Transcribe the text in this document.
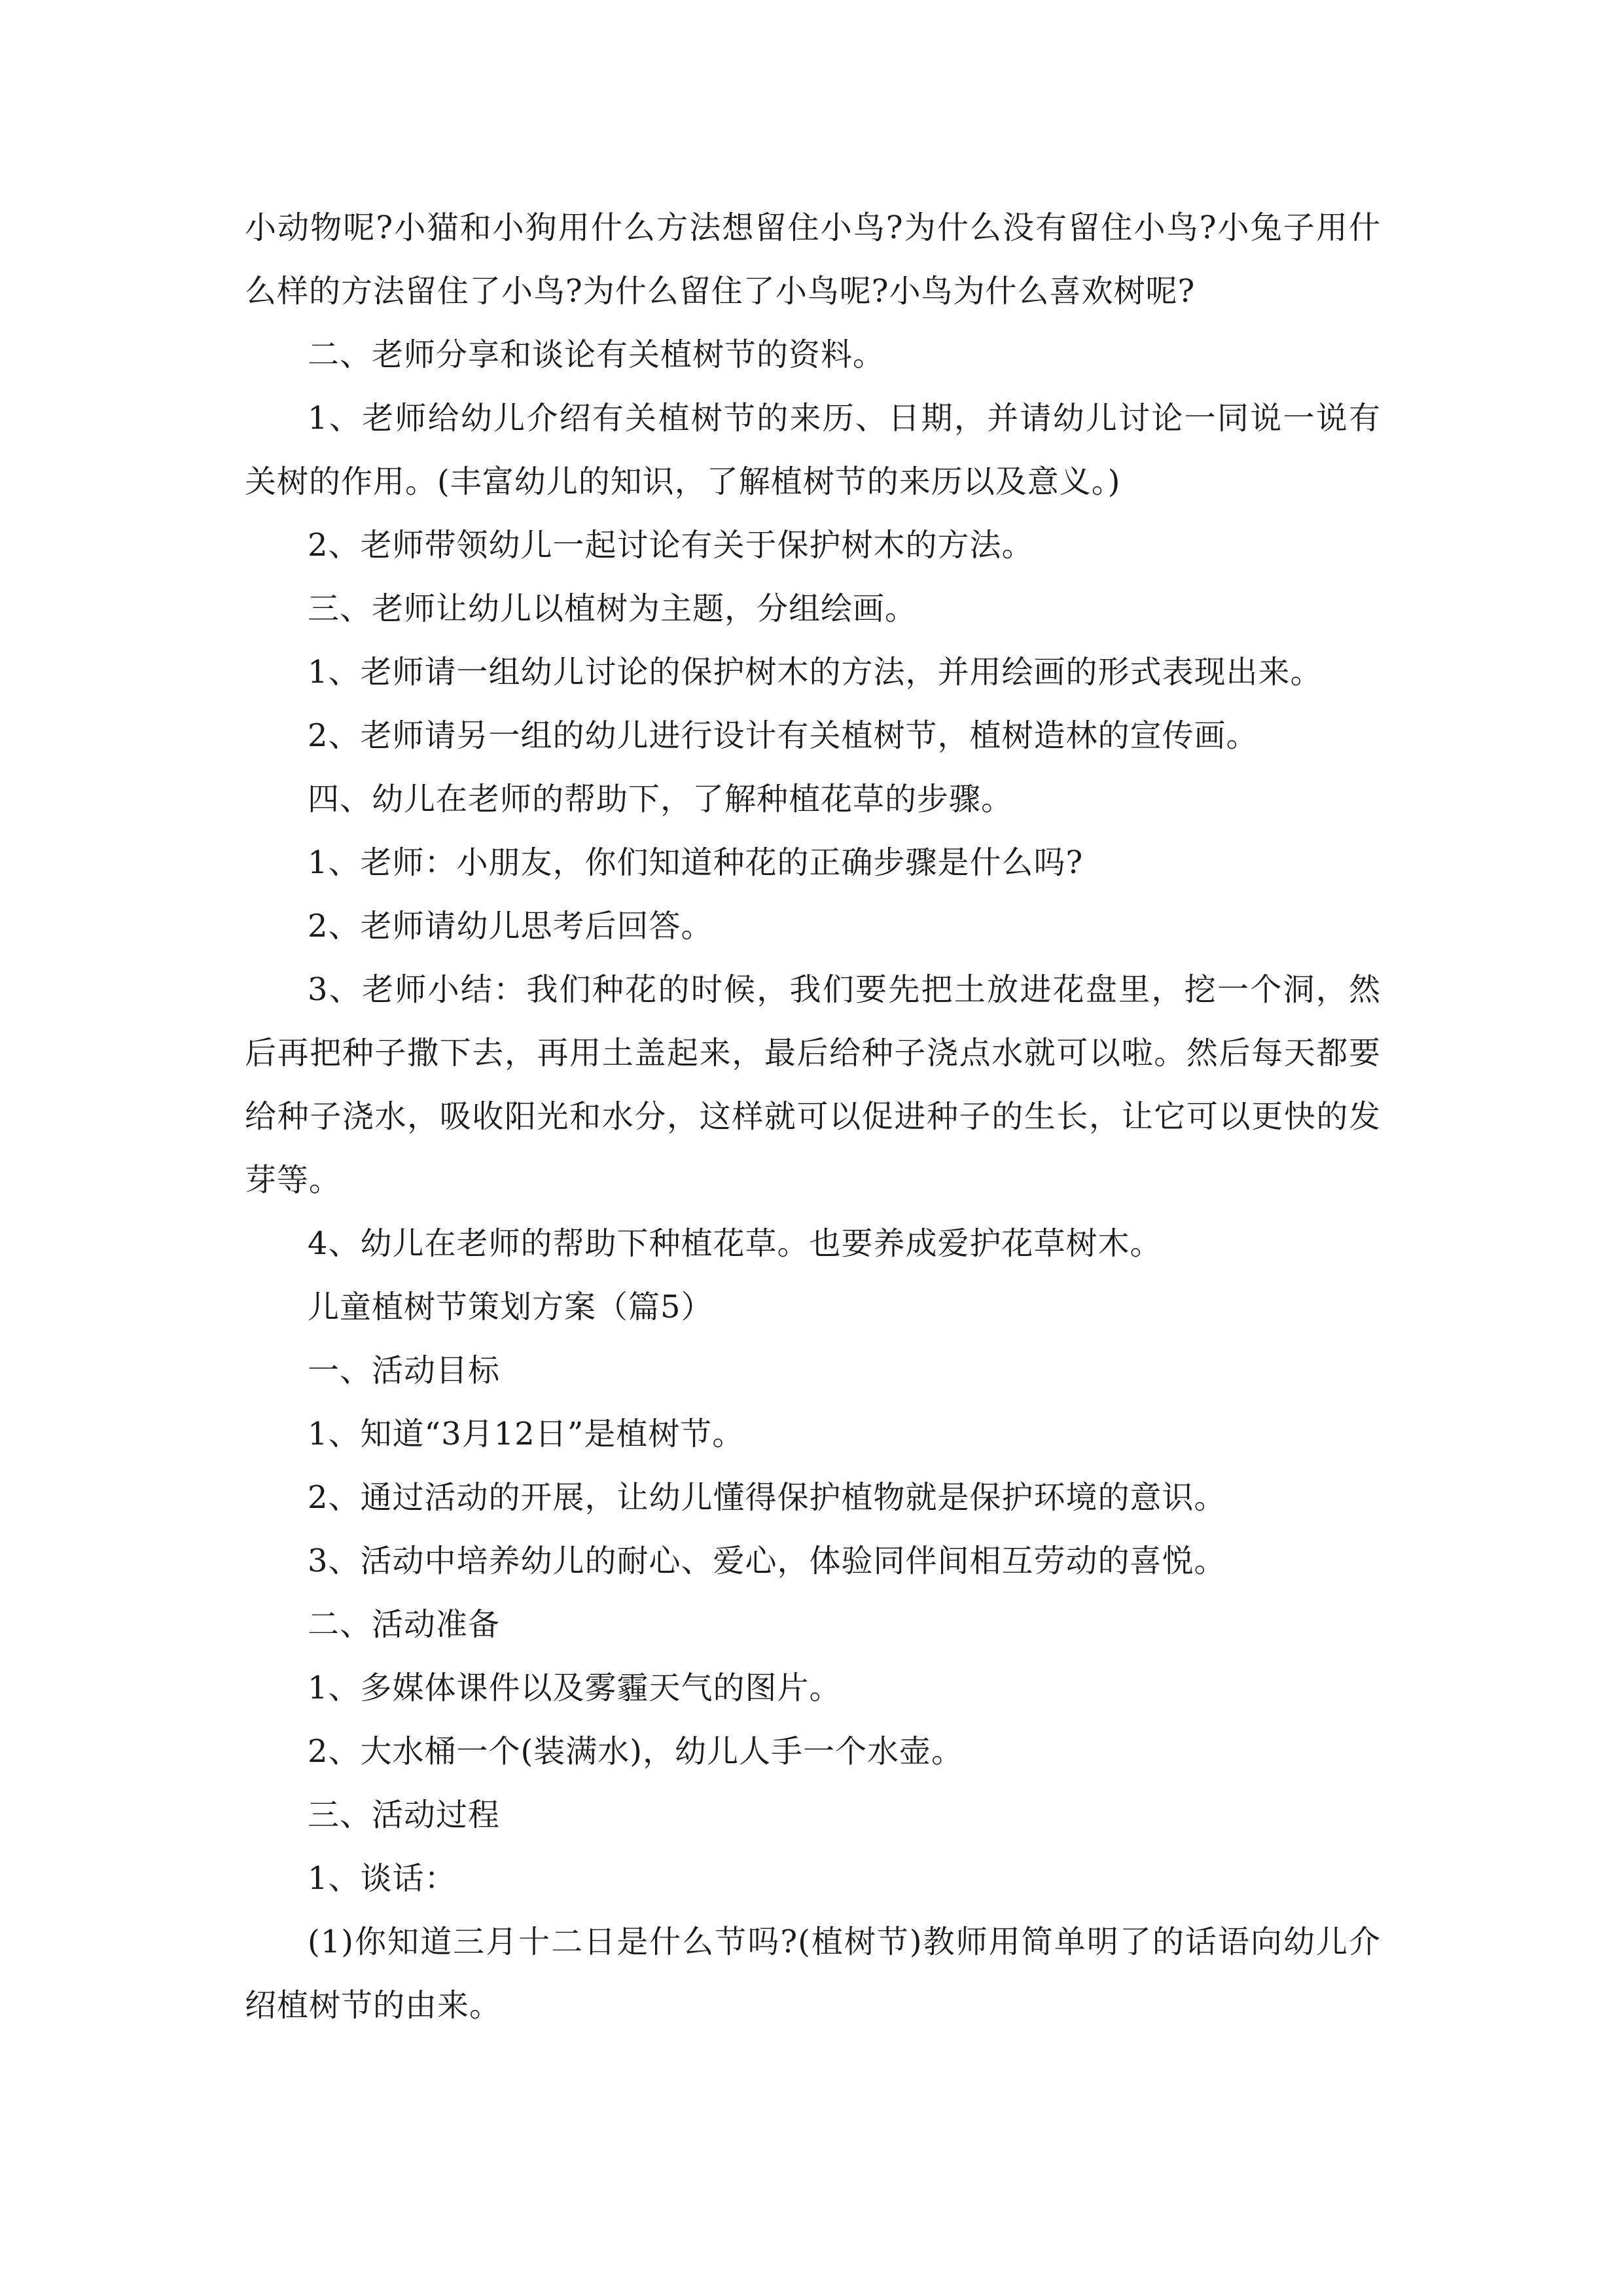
小动物呢?小猫和小狗用什么方法想留住小鸟?为什么没有留住小鸟?小兔子用什么样的方法留住了小鸟?为什么留住了小鸟呢?小鸟为什么喜欢树呢?

二、老师分享和谈论有关植树节的资料。

1、老师给幼儿介绍有关植树节的来历、日期，并请幼儿讨论一同说一说有关树的作用。(丰富幼儿的知识，了解植树节的来历以及意义。)

2、老师带领幼儿一起讨论有关于保护树木的方法。

三、老师让幼儿以植树为主题，分组绘画。

1、老师请一组幼儿讨论的保护树木的方法，并用绘画的形式表现出来。

2、老师请另一组的幼儿进行设计有关植树节，植树造林的宣传画。

四、幼儿在老师的帮助下，了解种植花草的步骤。

1、老师：小朋友，你们知道种花的正确步骤是什么吗?

2、老师请幼儿思考后回答。

3、老师小结：我们种花的时候，我们要先把土放进花盘里，挖一个洞，然后再把种子撒下去，再用土盖起来，最后给种子浇点水就可以啦。然后每天都要给种子浇水，吸收阳光和水分，这样就可以促进种子的生长，让它可以更快的发芽等。

4、幼儿在老师的帮助下种植花草。也要养成爱护花草树木。

儿童植树节策划方案（篇5）

一、活动目标

1、知道“3月12日”是植树节。

2、通过活动的开展，让幼儿懂得保护植物就是保护环境的意识。

3、活动中培养幼儿的耐心、爱心，体验同伴间相互劳动的喜悦。

二、活动准备

1、多媒体课件以及雾霾天气的图片。

2、大水桶一个(装满水)，幼儿人手一个水壶。

三、活动过程

1、谈话：

(1)你知道三月十二日是什么节吗?(植树节)教师用简单明了的话语向幼儿介绍植树节的由来。
